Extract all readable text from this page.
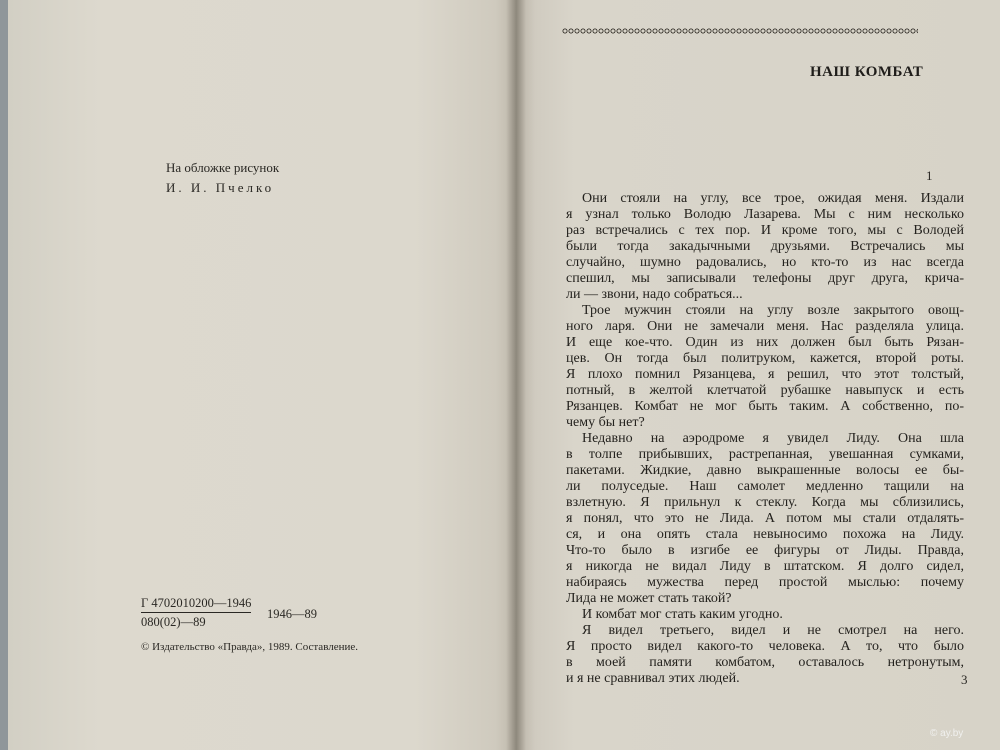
На обложке рисунок
И. И. Пчелко
Г 4702010200—1946
080(02)—89
1946—89
© Издательство «Правда», 1989. Составление.
НАШ КОМБАТ
1
Они стояли на углу, все трое, ожидая меня. Издали
я узнал только Володю Лазарева. Мы с ним несколько
раз встречались с тех пор. И кроме того, мы с Володей
были тогда закадычными друзьями. Встречались мы
случайно, шумно радовались, но кто-то из нас всегда
спешил, мы записывали телефоны друг друга, крича-
ли — звони, надо собраться...
Трое мужчин стояли на углу возле закрытого овощ-
ного ларя. Они не замечали меня. Нас разделяла улица.
И еще кое-что. Один из них должен был быть Рязан-
цев. Он тогда был политруком, кажется, второй роты.
Я плохо помнил Рязанцева, я решил, что этот толстый,
потный, в желтой клетчатой рубашке навыпуск и есть
Рязанцев. Комбат не мог быть таким. А собственно, по-
чему бы нет?
Недавно на аэродроме я увидел Лиду. Она шла
в толпе прибывших, растрепанная, увешанная сумками,
пакетами. Жидкие, давно выкрашенные волосы ее бы-
ли полуседые. Наш самолет медленно тащили на
взлетную. Я прильнул к стеклу. Когда мы сблизились,
я понял, что это не Лида. А потом мы стали отдалять-
ся, и она опять стала невыносимо похожа на Лиду.
Что-то было в изгибе ее фигуры от Лиды. Правда,
я никогда не видал Лиду в штатском. Я долго сидел,
набираясь мужества перед простой мыслью: почему
Лида не может стать такой?
И комбат мог стать каким угодно.
Я видел третьего, видел и не смотрел на него.
Я просто видел какого-то человека. А то, что было
в моей памяти комбатом, оставалось нетронутым,
и я не сравнивал этих людей.	3
© ay.by
